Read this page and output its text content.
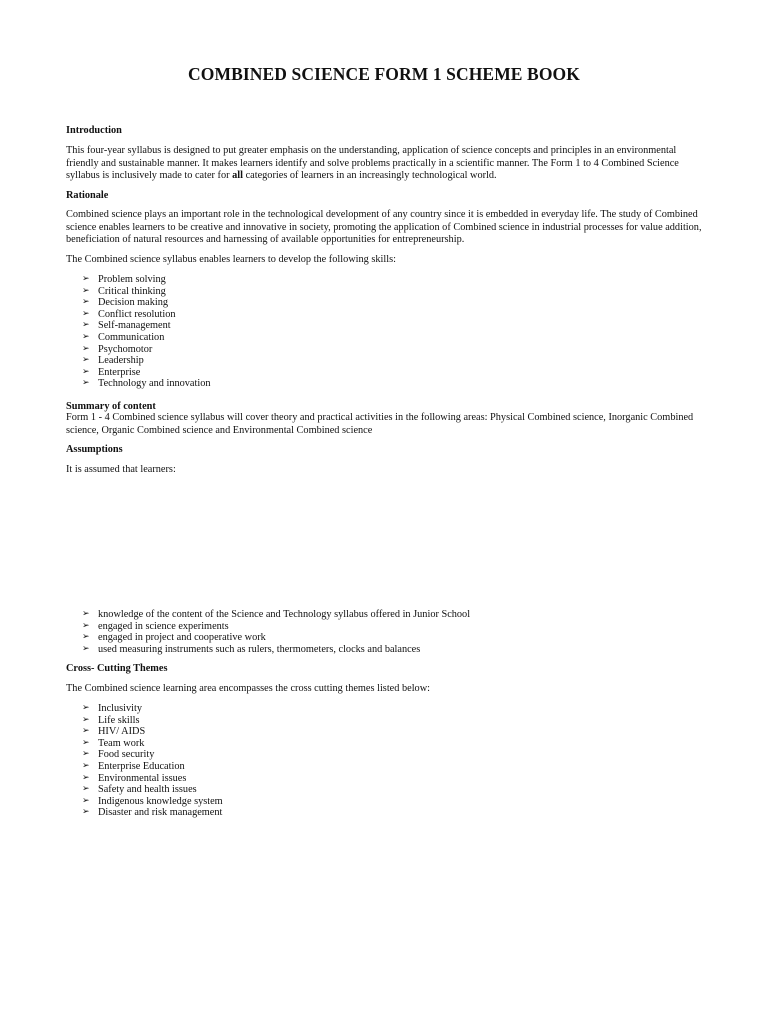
COMBINED SCIENCE FORM 1 SCHEME BOOK
Introduction

This four-year syllabus is designed to put greater emphasis on the understanding, application of science concepts and principles in an environmental friendly and sustainable manner. It makes learners identify and solve problems practically in a scientific manner. The Form 1 to 4 Combined Science syllabus is inclusively made to cater for all categories of learners in an increasingly technological world.

Rationale

Combined science plays an important role in the technological development of any country since it is embedded in everyday life. The study of Combined science enables learners to be creative and innovative in society, promoting the application of Combined science in industrial processes for value addition, beneficiation of natural resources and harnessing of available opportunities for entrepreneurship.

The Combined science syllabus enables learners to develop the following skills:

➢ Problem solving
➢ Critical thinking
➢ Decision making
➢ Conflict resolution
➢ Self-management
➢ Communication
➢ Psychomotor
➢ Leadership
➢ Enterprise
➢ Technology and innovation
Summary of content

Form 1 - 4 Combined science syllabus will cover theory and practical activities in the following areas: Physical Combined science, Inorganic Combined science, Organic Combined science and Environmental Combined science

Assumptions

It is assumed that learners:

➢ knowledge of the content of the Science and Technology syllabus offered in Junior School
➢ engaged in science experiments
➢ engaged in project and cooperative work
➢ used measuring instruments such as rulers, thermometers, clocks and balances
Cross- Cutting Themes

The Combined science learning area encompasses the cross cutting themes listed below:

➢ Inclusivity
➢ Life skills
➢ HIV/ AIDS
➢ Team work
➢ Food security
➢ Enterprise Education
➢ Environmental issues
➢ Safety and health issues
➢ Indigenous knowledge system
➢ Disaster and risk management
